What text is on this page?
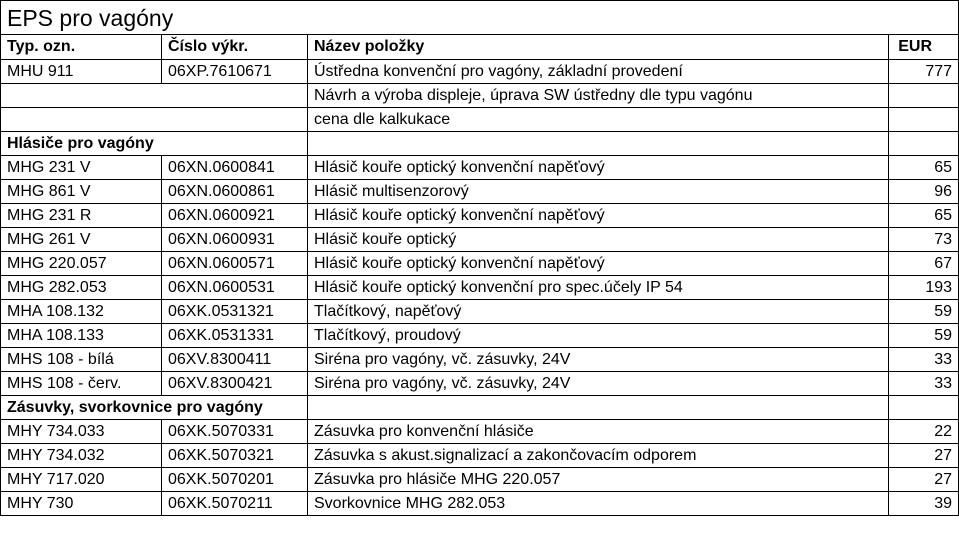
EPS pro vagóny			
Typ. ozn.	Číslo výkr.	Název položky	EUR
MHU 911	06XP.7610671	Ústředna konvenční pro vagóny, základní provedení	777
		Návrh a výroba displeje, úprava SW ústředny dle typu vagónu	
		cena dle kalkukace	
Hlásiče pro vagóny			
MHG 231 V	06XN.0600841	Hlásič kouře optický konvenční napěťový	65
MHG 861 V	06XN.0600861	Hlásič multisenzorový	96
MHG 231 R	06XN.0600921	Hlásič kouře optický konvenční napěťový	65
MHG 261 V	06XN.0600931	Hlásič kouře optický	73
MHG 220.057	06XN.0600571	Hlásič kouře optický konvenční napěťový	67
MHG 282.053	06XN.0600531	Hlásič kouře optický konvenční pro spec.účely IP 54	193
MHA 108.132	06XK.0531321	Tlačítkový, napěťový	59
MHA 108.133	06XK.0531331	Tlačítkový, proudový	59
MHS 108 - bílá	06XV.8300411	Siréna pro vagóny, vč. zásuvky, 24V	33
MHS 108 - červ.	06XV.8300421	Siréna pro vagóny, vč. zásuvky, 24V	33
Zásuvky, svorkovnice pro vagóny			
MHY 734.033	06XK.5070331	Zásuvka pro konvenční hlásiče	22
MHY 734.032	06XK.5070321	Zásuvka s akust.signalizací a zakončovacím odporem	27
MHY 717.020	06XK.5070201	Zásuvka pro hlásiče MHG 220.057	27
MHY 730	06XK.5070211	Svorkovnice MHG 282.053	39
